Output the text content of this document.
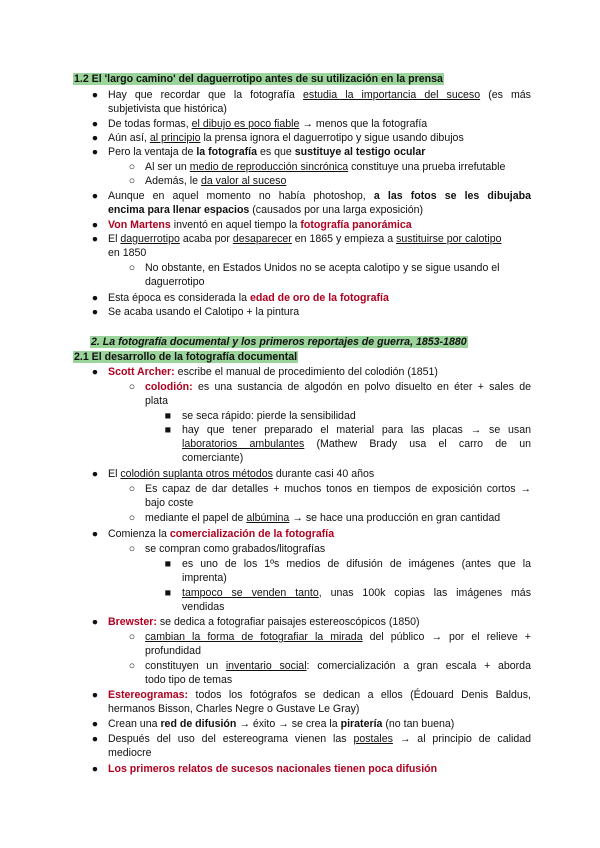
1.2 El 'largo camino' del daguerrotipo antes de su utilización en la prensa
● Hay que recordar que la fotografía estudia la importancia del suceso (es más
subjetivista que histórica)
● De todas formas, el dibujo es poco fiable → menos que la fotografía
● Aún así, al principio la prensa ignora el daguerrotipo y sigue usando dibujos
● Pero la ventaja de la fotografía es que sustituye al testigo ocular
○ Al ser un medio de reproducción sincrónica constituye una prueba irrefutable
○ Además, le da valor al suceso
● Aunque en aquel momento no había photoshop, a las fotos se les dibujaba
encima para llenar espacios (causados por una larga exposición)
● Von Martens inventó en aquel tiempo la fotografía panorámica
● El daguerrotipo acaba por desaparecer en 1865 y empieza a sustituirse por calotipo
en 1850
○ No obstante, en Estados Unidos no se acepta calotipo y se sigue usando el
daguerrotipo
● Esta época es considerada la edad de oro de la fotografía
● Se acaba usando el Calotipo + la pintura
2. La fotografía documental y los primeros reportajes de guerra, 1853-1880
2.1 El desarrollo de la fotografía documental
● Scott Archer: escribe el manual de procedimiento del colodión (1851)
○ colodión: es una sustancia de algodón en polvo disuelto en éter + sales de
plata
■ se seca rápido: pierde la sensibilidad
■ hay que tener preparado el material para las placas → se usan
laboratorios ambulantes (Mathew Brady usa el carro de un
comerciante)
● El colodión suplanta otros métodos durante casi 40 años
○ Es capaz de dar detalles + muchos tonos en tiempos de exposición cortos →
bajo coste
○ mediante el papel de albúmina → se hace una producción en gran cantidad
● Comienza la comercialización de la fotografía
○ se compran como grabados/litografías
■ es uno de los 1ºs medios de difusión de imágenes (antes que la
imprenta)
■ tampoco se venden tanto, unas 100k copias las imágenes más
vendidas
● Brewster: se dedica a fotografiar paisajes estereoscópicos (1850)
○ cambian la forma de fotografiar la mirada del público → por el relieve +
profundidad
○ constituyen un inventario social: comercialización a gran escala + aborda
todo tipo de temas
● Estereogramas: todos los fotógrafos se dedican a ellos (Édouard Denis Baldus,
hermanos Bisson, Charles Negre o Gustave Le Gray)
● Crean una red de difusión → éxito → se crea la piratería (no tan buena)
● Después del uso del estereograma vienen las postales → al principio de calidad
mediocre
● Los primeros relatos de sucesos nacionales tienen poca difusión
